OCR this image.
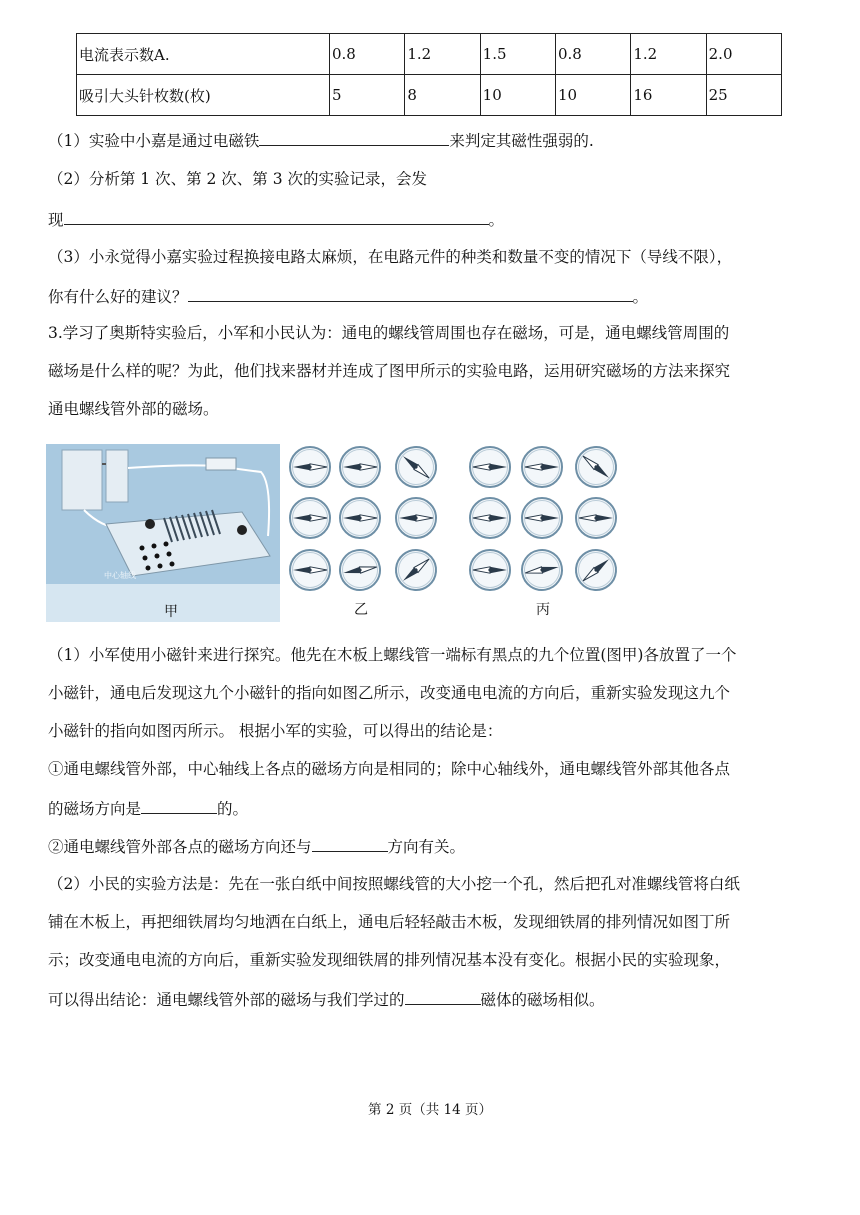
电流表示数A.	0.8	1.2	1.5	0.8	1.2	2.0
吸引大头针枚数(枚)	5	8	10	10	16	25
（1）实验中小嘉是通过电磁铁	来判定其磁性强弱的.
（2）分析第 1 次、第 2 次、第 3 次的实验记录，会发
现	。
（3）小永觉得小嘉实验过程换接电路太麻烦，在电路元件的种类和数量不变的情况下（导线不限），
你有什么好的建议？	。
3.学习了奥斯特实验后，小军和小民认为：通电的螺线管周围也存在磁场，可是，通电螺线管周围的
磁场是什么样的呢？为此，他们找来器材并连成了图甲所示的实验电路，运用研究磁场的方法来探究
通电螺线管外部的磁场。
中心轴线
甲	乙	丙
（1）小军使用小磁针来进行探究。他先在木板上螺线管一端标有黑点的九个位置(图甲)各放置了一个
小磁针，通电后发现这九个小磁针的指向如图乙所示，改变通电电流的方向后，重新实验发现这九个
小磁针的指向如图丙所示。 根据小军的实验，可以得出的结论是：
①通电螺线管外部，中心轴线上各点的磁场方向是相同的；除中心轴线外，通电螺线管外部其他各点
的磁场方向是	的。
②通电螺线管外部各点的磁场方向还与	方向有关。
（2）小民的实验方法是：先在一张白纸中间按照螺线管的大小挖一个孔，然后把孔对准螺线管将白纸
铺在木板上，再把细铁屑均匀地洒在白纸上，通电后轻轻敲击木板，发现细铁屑的排列情况如图丁所
示；改变通电电流的方向后，重新实验发现细铁屑的排列情况基本没有变化。根据小民的实验现象，
可以得出结论：通电螺线管外部的磁场与我们学过的	磁体的磁场相似。
第 2 页（共 14 页）
